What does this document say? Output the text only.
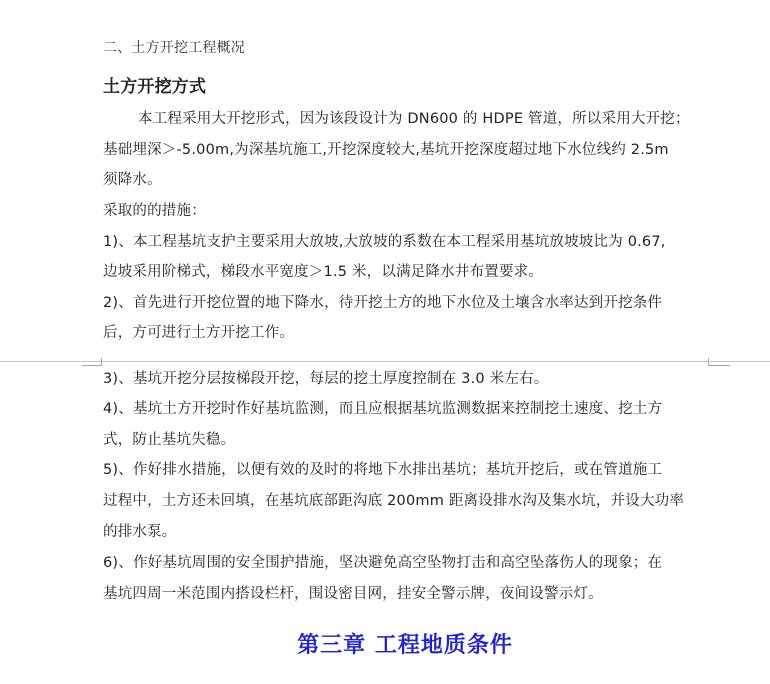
二、土方开挖工程概况
土方开挖方式
本工程采用大开挖形式，因为该段设计为 DN600 的 HDPE 管道，所以采用大开挖；
基础埋深＞-5.00m,为深基坑施工,开挖深度较大,基坑开挖深度超过地下水位线约 2.5m
须降水。
采取的的措施：
1)、本工程基坑支护主要采用大放坡,大放坡的系数在本工程采用基坑放坡坡比为 0.67,
边坡采用阶梯式，梯段水平宽度＞1.5 米，以满足降水井布置要求。
2)、首先进行开挖位置的地下降水，待开挖土方的地下水位及土壤含水率达到开挖条件
后，方可进行土方开挖工作。
3)、基坑开挖分层按梯段开挖，每层的挖土厚度控制在 3.0 米左右。
4)、基坑土方开挖时作好基坑监测，而且应根据基坑监测数据来控制挖土速度、挖土方
式，防止基坑失稳。
5)、作好排水措施，以便有效的及时的将地下水排出基坑；基坑开挖后，或在管道施工
过程中，土方还未回填，在基坑底部距沟底 200mm 距离设排水沟及集水坑，并设大功率
的排水泵。
6)、作好基坑周围的安全围护措施，坚决避免高空坠物打击和高空坠落伤人的现象；在
基坑四周一米范围内搭设栏杆，围设密目网，挂安全警示牌，夜间设警示灯。
第三章 工程地质条件
